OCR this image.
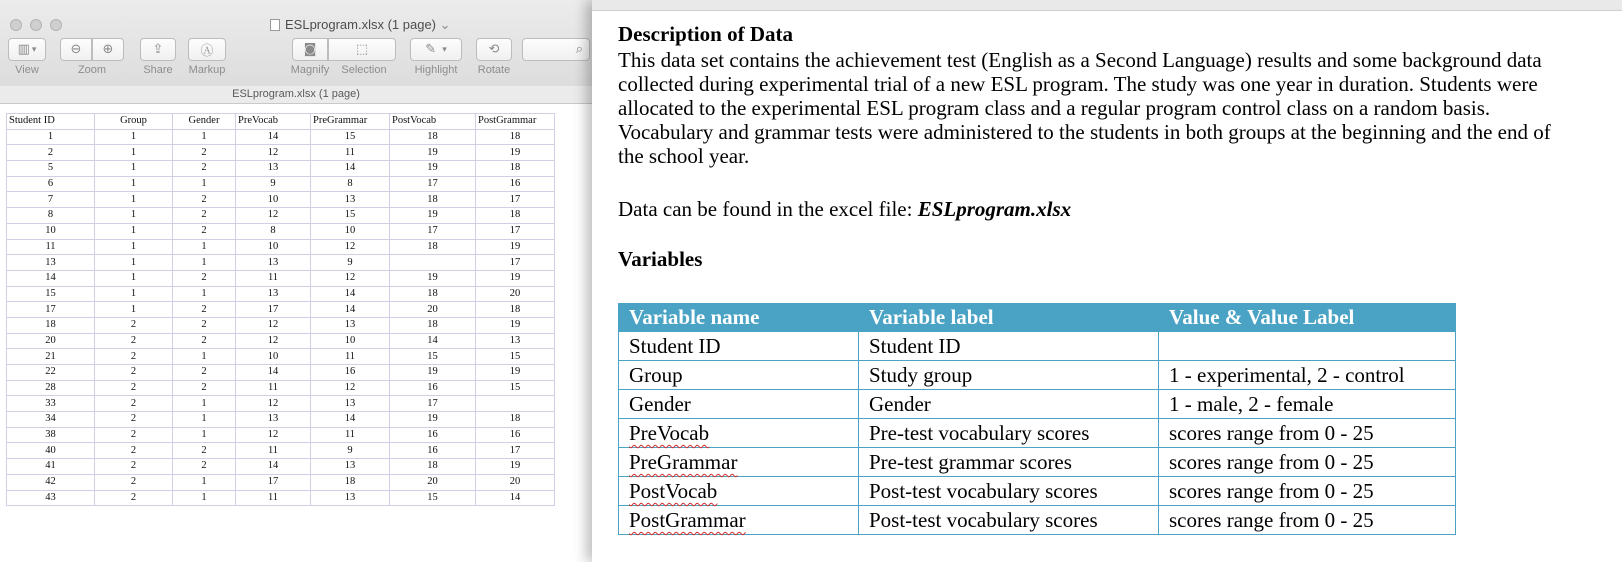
ESLprogram.xlsx (1 page) ⌄
▥ ▾	⊖ ⊕	⇪	Ⓐ	◙	⬚	✎ ▾	⟲	⌕
View	Zoom	Share	Markup	Magnify	Selection	Highlight	Rotate
ESLprogram.xlsx (1 page)
Student ID	Group	Gender	PreVocab	PreGrammar	PostVocab	PostGrammar
1	1	1	14	15	18	18
2	1	2	12	11	19	19
5	1	2	13	14	19	18
6	1	1	9	8	17	16
7	1	2	10	13	18	17
8	1	2	12	15	19	18
10	1	2	8	10	17	17
11	1	1	10	12	18	19
13	1	1	13	9		17
14	1	2	11	12	19	19
15	1	1	13	14	18	20
17	1	2	17	14	20	18
18	2	2	12	13	18	19
20	2	2	12	10	14	13
21	2	1	10	11	15	15
22	2	2	14	16	19	19
28	2	2	11	12	16	15
33	2	1	12	13	17	
34	2	1	13	14	19	18
38	2	1	12	11	16	16
40	2	2	11	9	16	17
41	2	2	14	13	18	19
42	2	1	17	18	20	20
43	2	1	11	13	15	14
Description of Data
This data set contains the achievement test (English as a Second Language) results and some background data collected during experimental trial of a new ESL program. The study was one year in duration. Students were allocated to the experimental ESL program class and a regular program control class on a random basis. Vocabulary and grammar tests were administered to the students in both groups at the beginning and the end of the school year.
Data can be found in the excel file: ESLprogram.xlsx
Variables
Variable name	Variable label	Value & Value Label
Student ID	Student ID	
Group	Study group	1 - experimental, 2 - control
Gender	Gender	1 - male, 2 - female
PreVocab	Pre-test vocabulary scores	scores range from 0 - 25
PreGrammar	Pre-test grammar scores	scores range from 0 - 25
PostVocab	Post-test vocabulary scores	scores range from 0 - 25
PostGrammar	Post-test vocabulary scores	scores range from 0 - 25
